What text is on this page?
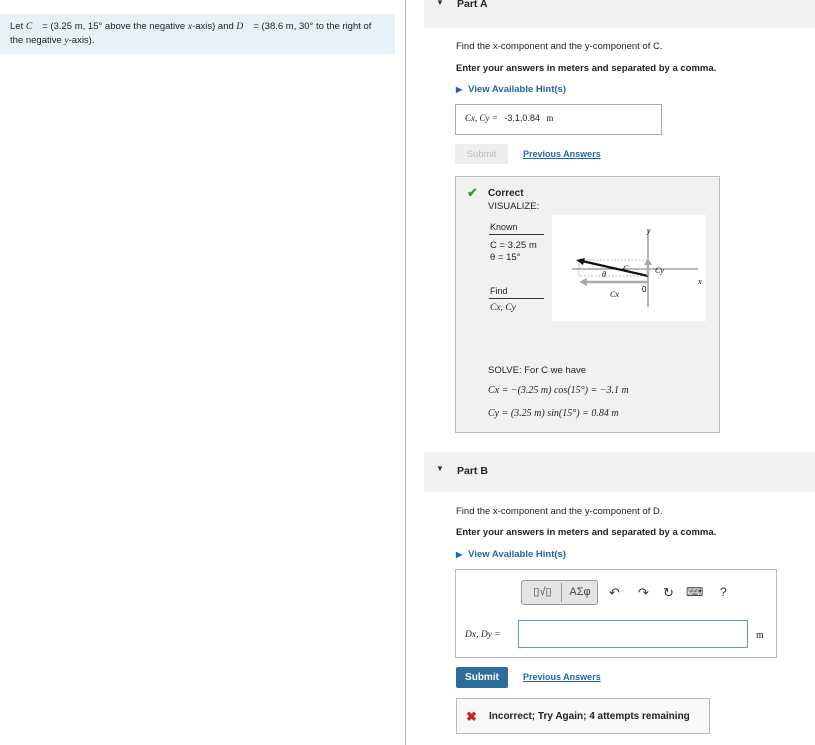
Let C = (3.25 m, 15° above the negative x-axis) and D = (38.6 m, 30° to the right of the negative y-axis).
▼ Part A
Find the x-component and the y-component of C.
Enter your answers in meters and separated by a comma.
▶ View Available Hint(s)
Cx, Cy = -3.1,0.84 m
Submit	Previous Answers
✔ Correct
VISUALIZE:
Known
C = 3.25 m
θ = 15°
Find
Cx, Cy
y
x
C
θ	Cy
Cx
0
SOLVE: For C we have
Cx = −(3.25 m) cos(15°) = −3.1 m
Cy = (3.25 m) sin(15°) = 0.84 m
▼ Part B
Find the x-component and the y-component of D.
Enter your answers in meters and separated by a comma.
▶ View Available Hint(s)
▯√▯	ΑΣφ	↶ ↷ ↻ ⌨ ?
Dx, Dy =	m
Submit	Previous Answers
✖ Incorrect; Try Again; 4 attempts remaining
